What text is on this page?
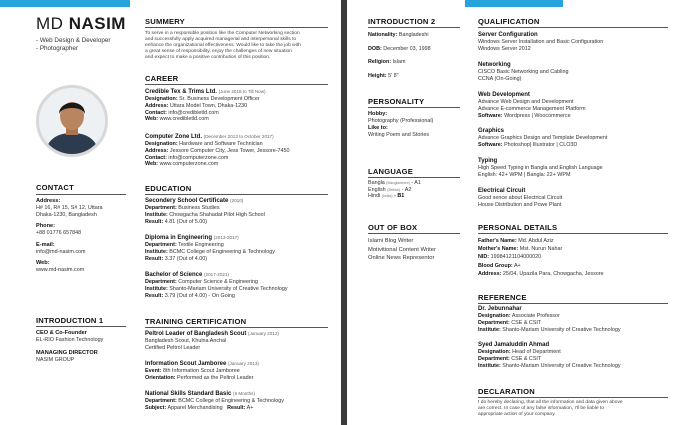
MD NASIM
- Web Design & Developer
- Photographer
CONTACT
Address:
H# 16, R# 15, S# 12, Uttara
Dhaka-1230, Bangladesh
Phone:
+88 01776 657848
E-mail:
info@md-nasim.com
Web:
www.md-nasim.com
INTRODUCTION 1
CEO & Co-Founder
EL-RIO Fashion Technology
MANAGING DIRECTOR
NASIM GROUP
SUMMERY
To serve in a responsible position like the Computer Networking section
and successfully apply acquired managerial and interpersonal skills to
enhance the organizational effectiveness. Would like to take the job with
a great sense of responsibility, enjoy the challenges of new situation
and expect to make a positive contribution of this position.
CAREER
Credible Tex & Trims Ltd. (June 2018 to Till Now)
Designation: Sr. Business Development Officer
Address: Uttara Model Town, Dhaka-1230
Contact: info@credibletld.com
Web: www.credibletld.com
Computer Zone Ltd. (December 2013 to October 2017)
Designation: Hardware and Software Technician
Address: Jessore Computer City, Jess Tower, Jessore-7450
Contact: info@computerzone.com
Web: www.computerzone.com
EDUCATION
Secondery School Certificate (2010)
Department: Business Studies
Institute: Chowgacha Shahadat Pilot High School
Result: 4.81 (Out of 5.00)
Diploma in Engineering (2013-2017)
Department: Textile Engineering
Institute: BCMC College of Engineering & Technology
Result: 3.37 (Out of 4.00)
Bachelor of Science (2017-2021)
Department: Computer Science & Engineering
Institute: Shanto-Mariam University of Creative Technology
Result: 3.79 (Out of 4.00) - On Going
TRAINING CERTIFICATION
Peltrol Leader of Bangladesh Scout (January 2012)
Bangladesh Scout, Khulna Anchal
Certified Peltrol Leader
Information Scout Jamboree (January 2013)
Event: 8th Information Scout Jamboree
Orientation: Performed as the Peltrol Leader
National Skills Standard Basic (6 Months)
Department: BCMC College of Engineering & Technology
Subject: Apparel Merchandising Result: A+
INTRODUCTION 2
Nationality: Bangladeshi
DOB: December 03, 1998
Religion: Islam
Height: 5' 8"
PERSONALITY
Hobby:
Photography (Professional)
Like to:
Writing Poem and Stories
LANGUAGE
Bangla (Bangladeshi) - A1
English (British) - A2
Hindi (India) - B1
OUT OF BOX
Islami Blog Writer
Motivitional Content Writer
Online News Representor
QUALIFICATION
Server Configuration
Windows Server Installation and Basic Configuration
Windows Server 2012
Networking
CISCO Basic Networking and Cabling
CCNA (On-Going)
Web Development
Advance Web Design and Development
Advance E-commerce Management Platform
Software: Wordpress | Woocommerce
Graphics
Advance Graphics Design and Template Development
Software: Photoshop| Illustrator | CLO3D
Typing
High Speed Typing in Bangla and English Language
English: 42+ WPM | Bangla: 22+ WPM
Electrical Circuit
Good sence about Electrical Circuit
House Distribution and Powe Plant
PERSONAL DETAILS
Father's Name: Md. Abdul Aziz
Mother's Name: Mst. Nurun Nahar
NID: 19984121104000020
Blood Group: A+
Address: 25/04, Upazila Para, Chowgacha, Jessore
REFERENCE
Dr. Jebunnahar
Designation: Associate Professor
Department: CSE & CSIT
Institute: Shanto-Mariam University of Creative Technology
Syed Jamaluddin Ahmad
Designation: Head of Department
Department: CSE & CSIT
Institute: Shanto-Mariam University of Creative Technology
DECLARATION
I do hereby declaring, that all the information and data given above
are correct. In case of any false information, I'll be liable to
appropriate action of your company.
